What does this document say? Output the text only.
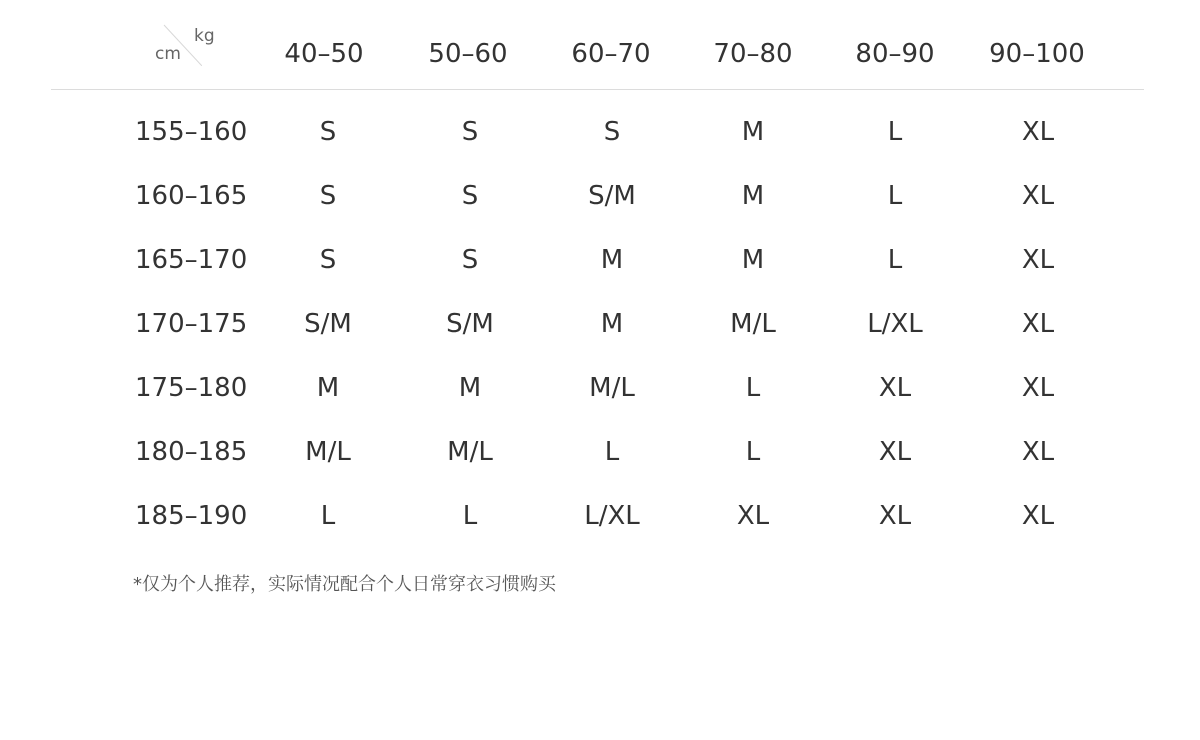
kg
cm	40–50	50–60	60–70	70–80	80–90	90–100
155–160	S	S	S	M	L	XL
160–165	S	S	S/M	M	L	XL
165–170	S	S	M	M	L	XL
170–175	S/M	S/M	M	M/L	L/XL	XL
175–180	M	M	M/L	L	XL	XL
180–185	M/L	M/L	L	L	XL	XL
185–190	L	L	L/XL	XL	XL	XL
*仅为个人推荐，实际情况配合个人日常穿衣习惯购买
